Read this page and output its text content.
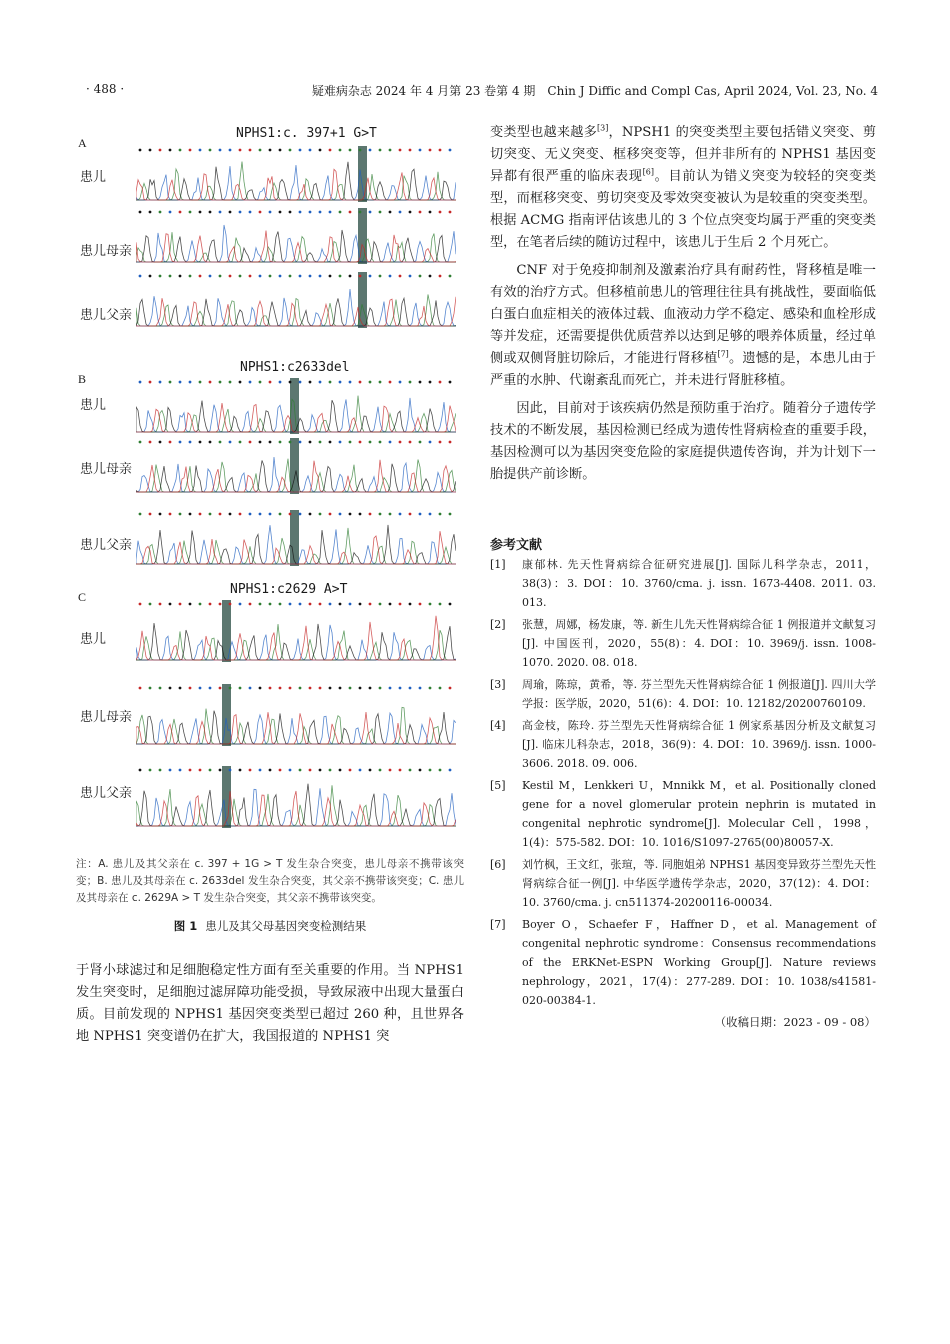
· 488 ·	疑难病杂志 2024 年 4 月第 23 卷第 4 期　Chin J Diffic and Compl Cas, April 2024, Vol. 23, No. 4
A
NPHS1:c. 397+1 G>T
患儿
患儿母亲
患儿父亲
B
NPHS1:c2633del
患儿
患儿母亲
患儿父亲
C	NPHS1:c2629 A>T
患儿
患儿母亲
患儿父亲
注：A. 患儿及其父亲在 c. 397 + 1G > T 发生杂合突变，患儿母亲不携带该突变；B. 患儿及其母亲在 c. 2633del 发生杂合突变，其父亲不携带该突变；C. 患儿及其母亲在 c. 2629A > T 发生杂合突变，其父亲不携带该突变。
图 1 患儿及其父母基因突变检测结果

于肾小球滤过和足细胞稳定性方面有至关重要的作用。当 NPHS1 发生突变时，足细胞过滤屏障功能受损，导致尿液中出现大量蛋白质。目前发现的 NPHS1 基因突变类型已超过 260 种，且世界各地 NPHS1 突变谱仍在扩大，我国报道的 NPHS1 突

变类型也越来越多[3]，NPSH1 的突变类型主要包括错义突变、剪切突变、无义突变、框移突变等，但并非所有的 NPHS1 基因变异都有很严重的临床表现[6]。目前认为错义突变为较轻的突变类型，而框移突变、剪切突变及零效突变被认为是较重的突变类型。根据 ACMG 指南评估该患儿的 3 个位点突变均属于严重的突变类型，在笔者后续的随访过程中，该患儿于生后 2 个月死亡。

CNF 对于免疫抑制剂及激素治疗具有耐药性，肾移植是唯一有效的治疗方式。但移植前患儿的管理往往具有挑战性，要面临低白蛋白血症相关的液体过载、血液动力学不稳定、感染和血栓形成等并发症，还需要提供优质营养以达到足够的喂养体质量，经过单侧或双侧肾脏切除后，才能进行肾移植[7]。遗憾的是，本患儿由于严重的水肿、代谢紊乱而死亡，并未进行肾脏移植。

因此，目前对于该疾病仍然是预防重于治疗。随着分子遗传学技术的不断发展，基因检测已经成为遗传性肾病检查的重要手段，基因检测可以为基因突变危险的家庭提供遗传咨询，并为计划下一胎提供产前诊断。

参考文献
[1]	康郁林. 先天性肾病综合征研究进展[J]. 国际儿科学杂志，2011，38(3)：3. DOI：10. 3760/cma. j. issn. 1673-4408. 2011. 03. 013.
[2]	张慧，周娜，杨发康，等. 新生儿先天性肾病综合征 1 例报道并文献复习[J]. 中国医刊，2020，55(8)：4. DOI：10. 3969/j. issn. 1008-1070. 2020. 08. 018.
[3]	周瑜，陈琼，黄希，等. 芬兰型先天性肾病综合征 1 例报道[J]. 四川大学学报：医学版，2020，51(6)：4. DOI：10. 12182/20200760109.
[4]	高金枝，陈玲. 芬兰型先天性肾病综合征 1 例家系基因分析及文献复习[J]. 临床儿科杂志，2018，36(9)：4. DOI：10. 3969/j. issn. 1000-3606. 2018. 09. 006.
[5]	Kestil M，Lenkkeri U，Mnnikk M，et al. Positionally cloned gene for a novel glomerular protein nephrin is mutated in congenital nephrotic syndrome[J]. Molecular Cell，1998，1(4)：575-582. DOI：10. 1016/S1097-2765(00)80057-X.
[6]	刘竹枫，王文红，张瑄，等. 同胞姐弟 NPHS1 基因变异致芬兰型先天性肾病综合征一例[J]. 中华医学遗传学杂志，2020，37(12)：4. DOI：10. 3760/cma. j. cn511374-20200116-00034.
[7]	Boyer O，Schaefer F，Haffner D，et al. Management of congenital nephrotic syndrome：Consensus recommendations of the ERKNet-ESPN Working Group[J]. Nature reviews nephrology，2021，17(4)：277-289. DOI：10. 1038/s41581-020-00384-1.
（收稿日期：2023 - 09 - 08）
